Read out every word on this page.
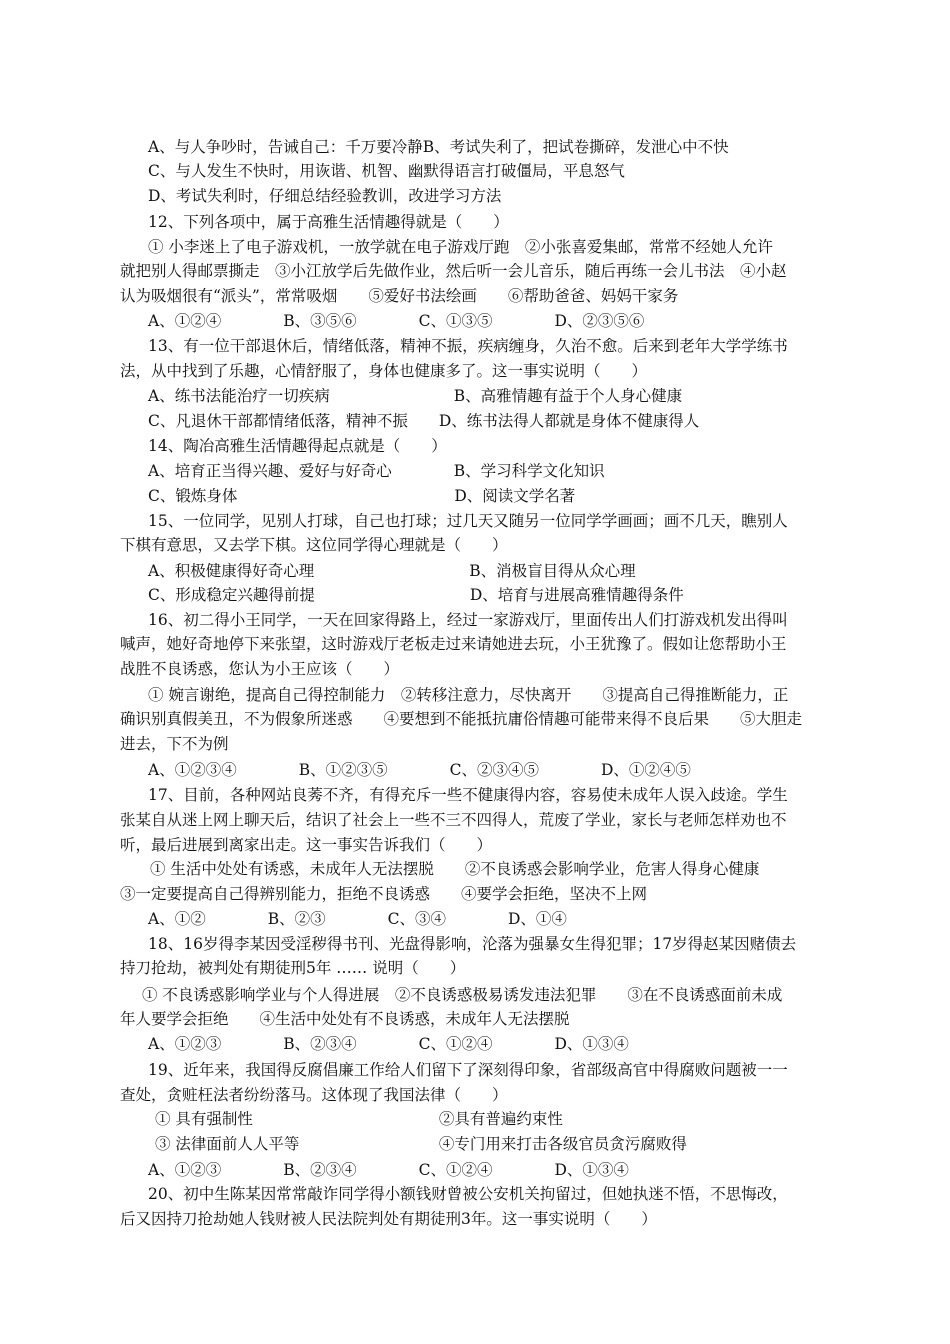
A、与人争吵时，告诫自己：千万要冷静B、考试失利了，把试卷撕碎，发泄心中不快
C、与人发生不快时，用诙谐、机智、幽默得语言打破僵局，平息怒气
D、考试失利时，仔细总结经验教训，改进学习方法
12、下列各项中，属于高雅生活情趣得就是（　　）
① 小李迷上了电子游戏机，一放学就在电子游戏厅跑　②小张喜爱集邮，常常不经她人允许
就把别人得邮票撕走　③小江放学后先做作业，然后听一会儿音乐，随后再练一会儿书法　④小赵
认为吸烟很有“派头”，常常吸烟　　⑤爱好书法绘画　　⑥帮助爸爸、妈妈干家务
A、①②④　　　　B、③⑤⑥　　　　C、①③⑤　　　　D、②③⑤⑥
13、有一位干部退休后，情绪低落，精神不振，疾病缠身，久治不愈。后来到老年大学学练书
法，从中找到了乐趣，心情舒服了，身体也健康多了。这一事实说明（　　）
A、练书法能治疗一切疾病　　　　　　　　B、高雅情趣有益于个人身心健康
C、凡退休干部都情绪低落，精神不振　　D、练书法得人都就是身体不健康得人
14、陶冶高雅生活情趣得起点就是（　　）
A、培育正当得兴趣、爱好与好奇心　　　　B、学习科学文化知识
C、锻炼身体　　　　　　　　　　　　　　D、阅读文学名著
15、一位同学，见别人打球，自己也打球；过几天又随另一位同学学画画；画不几天，瞧别人
下棋有意思，又去学下棋。这位同学得心理就是（　　）
A、积极健康得好奇心理　　　　　　　　　　B、消极盲目得从众心理
C、形成稳定兴趣得前提　　　　　　　　　　D、培育与进展高雅情趣得条件
16、初二得小王同学，一天在回家得路上，经过一家游戏厅，里面传出人们打游戏机发出得叫
喊声，她好奇地停下来张望，这时游戏厅老板走过来请她进去玩，小王犹豫了。假如让您帮助小王
战胜不良诱惑，您认为小王应该（　　）
① 婉言谢绝，提高自己得控制能力　②转移注意力，尽快离开　　③提高自己得推断能力，正
确识别真假美丑，不为假象所迷惑　　④要想到不能抵抗庸俗情趣可能带来得不良后果　　⑤大胆走
进去，下不为例
A、①②③④　　　　B、①②③⑤　　　　C、②③④⑤　　　　D、①②④⑤
17、目前，各种网站良莠不齐，有得充斥一些不健康得内容，容易使未成年人误入歧途。学生
张某自从迷上网上聊天后，结识了社会上一些不三不四得人，荒废了学业，家长与老师怎样劝也不
听，最后进展到离家出走。这一事实告诉我们（　　）
① 生活中处处有诱惑，未成年人无法摆脱　　②不良诱惑会影响学业，危害人得身心健康
③一定要提高自己得辨别能力，拒绝不良诱惑　　④要学会拒绝，坚决不上网
A、①②　　　　B、②③　　　　C、③④　　　　D、①④
18、16岁得李某因受淫秽得书刊、光盘得影响，沦落为强暴女生得犯罪；17岁得赵某因赌债去
持刀抢劫，被判处有期徒刑5年 …… 说明（　　）
① 不良诱惑影响学业与个人得进展　②不良诱惑极易诱发违法犯罪　　③在不良诱惑面前未成
年人要学会拒绝　　④生活中处处有不良诱惑，未成年人无法摆脱
A、①②③　　　　B、②③④　　　　C、①②④　　　　D、①③④
19、近年来，我国得反腐倡廉工作给人们留下了深刻得印象，省部级高官中得腐败问题被一一
查处，贪赃枉法者纷纷落马。这体现了我国法律（　　）
① 具有强制性　　　　　　　　　　　　②具有普遍约束性
③ 法律面前人人平等　　　　　　　　　④专门用来打击各级官员贪污腐败得
A、①②③　　　　B、②③④　　　　C、①②④　　　　D、①③④
20、初中生陈某因常常敲诈同学得小额钱财曾被公安机关拘留过，但她执迷不悟，不思悔改，
后又因持刀抢劫她人钱财被人民法院判处有期徒刑3年。这一事实说明（　　）
